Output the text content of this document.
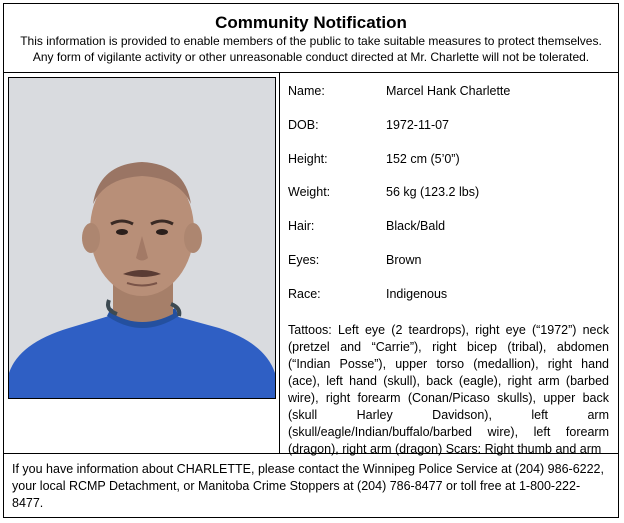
Community Notification
This information is provided to enable members of the public to take suitable measures to protect themselves.
Any form of vigilante activity or other unreasonable conduct directed at Mr. Charlette will not be tolerated.
Tattoos: Left eye (2 teardrops), right eye (“1972”) neck (pretzel and “Carrie”), right bicep (tribal), abdomen (“Indian Posse”), upper torso (medallion), right hand (ace), left hand (skull), back (eagle), right arm (barbed wire), right forearm (Conan/Picaso skulls), upper back (skull Harley Davidson), left arm (skull/eagle/Indian/buffalo/barbed wire), left forearm (dragon), right arm (dragon) Scars: Right thumb and arm
Name:	Marcel Hank Charlette
DOB:	1972-11-07
Height:	152 cm (5’0”)
Weight:	56 kg (123.2 lbs)
Hair:	Black/Bald
Eyes:	Brown
Race:	Indigenous
If you have information about CHARLETTE, please contact the Winnipeg Police Service at (204) 986-6222, your local RCMP Detachment, or Manitoba Crime Stoppers at (204) 786-8477 or toll free at 1-800-222-8477.
